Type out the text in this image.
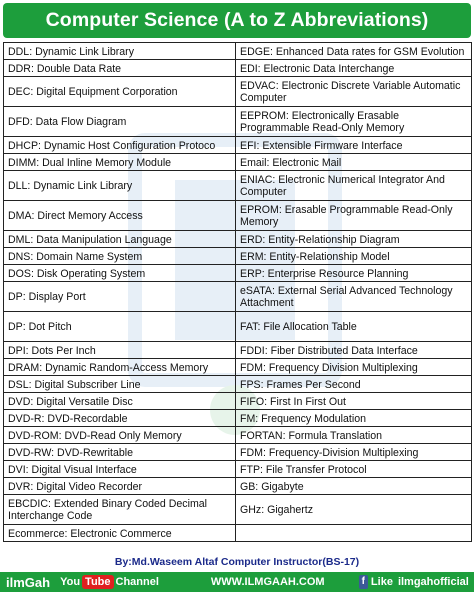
Computer Science (A to Z Abbreviations)
DDL: Dynamic Link Library	EDGE: Enhanced Data rates for GSM Evolution
DDR: Double Data Rate	EDI: Electronic Data Interchange
DEC: Digital Equipment Corporation	EDVAC: Electronic Discrete Variable Automatic Computer
DFD: Data Flow Diagram	EEPROM: Electronically Erasable Programmable Read-Only Memory
DHCP: Dynamic Host Configuration Protoco	EFI: Extensible Firmware Interface
DIMM: Dual Inline Memory Module	Email: Electronic Mail
DLL: Dynamic Link Library	ENIAC: Electronic Numerical Integrator And Computer
DMA: Direct Memory Access	EPROM: Erasable Programmable Read-Only Memory
DML: Data Manipulation Language	ERD: Entity-Relationship Diagram
DNS: Domain Name System	ERM: Entity-Relationship Model
DOS: Disk Operating System	ERP: Enterprise Resource Planning
DP: Display Port	eSATA: External Serial Advanced Technology Attachment
DP: Dot Pitch	FAT: File Allocation Table
DPI: Dots Per Inch	FDDI: Fiber Distributed Data Interface
DRAM: Dynamic Random-Access Memory	FDM: Frequency Division Multiplexing
DSL: Digital Subscriber Line	FPS: Frames Per Second
DVD: Digital Versatile Disc	FIFO: First In First Out
DVD-R: DVD-Recordable	FM: Frequency Modulation
DVD-ROM: DVD-Read Only Memory	FORTAN: Formula Translation
DVD-RW: DVD-Rewritable	FDM: Frequency-Division Multiplexing
DVI: Digital Visual Interface	FTP: File Transfer Protocol
DVR: Digital Video Recorder	GB: Gigabyte
EBCDIC: Extended Binary Coded Decimal Interchange Code	GHz: Gigahertz
Ecommerce: Electronic Commerce	
By:Md.Waseem Altaf Computer Instructor(BS-17)
ilmGah You Tube Channel	WWW.ILMGAAH.COM	f Like ilmgahofficial
